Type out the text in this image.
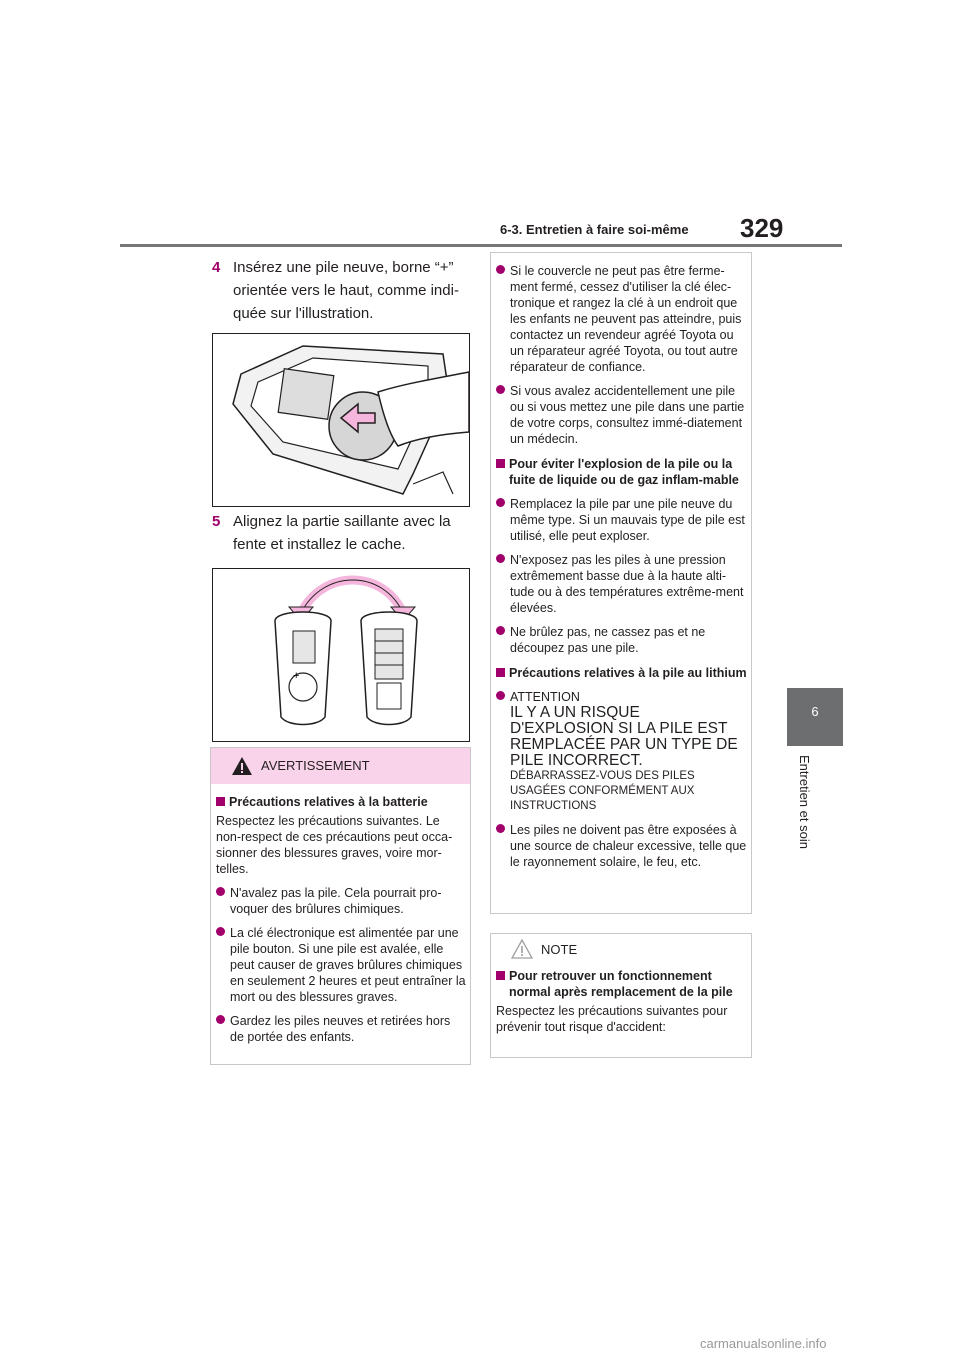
6-3. Entretien à faire soi-même 329
6
Entretien et soin
4 Insérez une pile neuve, borne “+” orientée vers le haut, comme indi-quée sur l'illustration.
5 Alignez la partie saillante avec la fente et installez le cache.
+
AVERTISSEMENT
Précautions relatives à la batterie
Respectez les précautions suivantes. Le non-respect de ces précautions peut occa-sionner des blessures graves, voire mor-telles.
N'avalez pas la pile. Cela pourrait pro-voquer des brûlures chimiques.
La clé électronique est alimentée par une pile bouton. Si une pile est avalée, elle peut causer de graves brûlures chimiques en seulement 2 heures et peut entraîner la mort ou des blessures graves.
Gardez les piles neuves et retirées hors de portée des enfants.
Si le couvercle ne peut pas être ferme-ment fermé, cessez d'utiliser la clé élec-tronique et rangez la clé à un endroit que les enfants ne peuvent pas atteindre, puis contactez un revendeur agréé Toyota ou un réparateur agréé Toyota, ou tout autre réparateur de confiance.
Si vous avalez accidentellement une pile ou si vous mettez une pile dans une partie de votre corps, consultez immé-diatement un médecin.
Pour éviter l'explosion de la pile ou la fuite de liquide ou de gaz inflam-mable
Remplacez la pile par une pile neuve du même type. Si un mauvais type de pile est utilisé, elle peut exploser.
N'exposez pas les piles à une pression extrêmement basse due à la haute alti-tude ou à des températures extrême-ment élevées.
Ne brûlez pas, ne cassez pas et ne découpez pas une pile.
Précautions relatives à la pile au lithium
ATTENTION
IL Y A UN RISQUE D'EXPLOSION SI LA PILE EST REMPLACÉE PAR UN TYPE DE PILE INCORRECT.
DÉBARRASSEZ-VOUS DES PILES USAGÉES CONFORMÉMENT AUX INSTRUCTIONS
Les piles ne doivent pas être exposées à une source de chaleur excessive, telle que le rayonnement solaire, le feu, etc.
NOTE
Pour retrouver un fonctionnement normal après remplacement de la pile
Respectez les précautions suivantes pour prévenir tout risque d'accident:
carmanualsonline.info
